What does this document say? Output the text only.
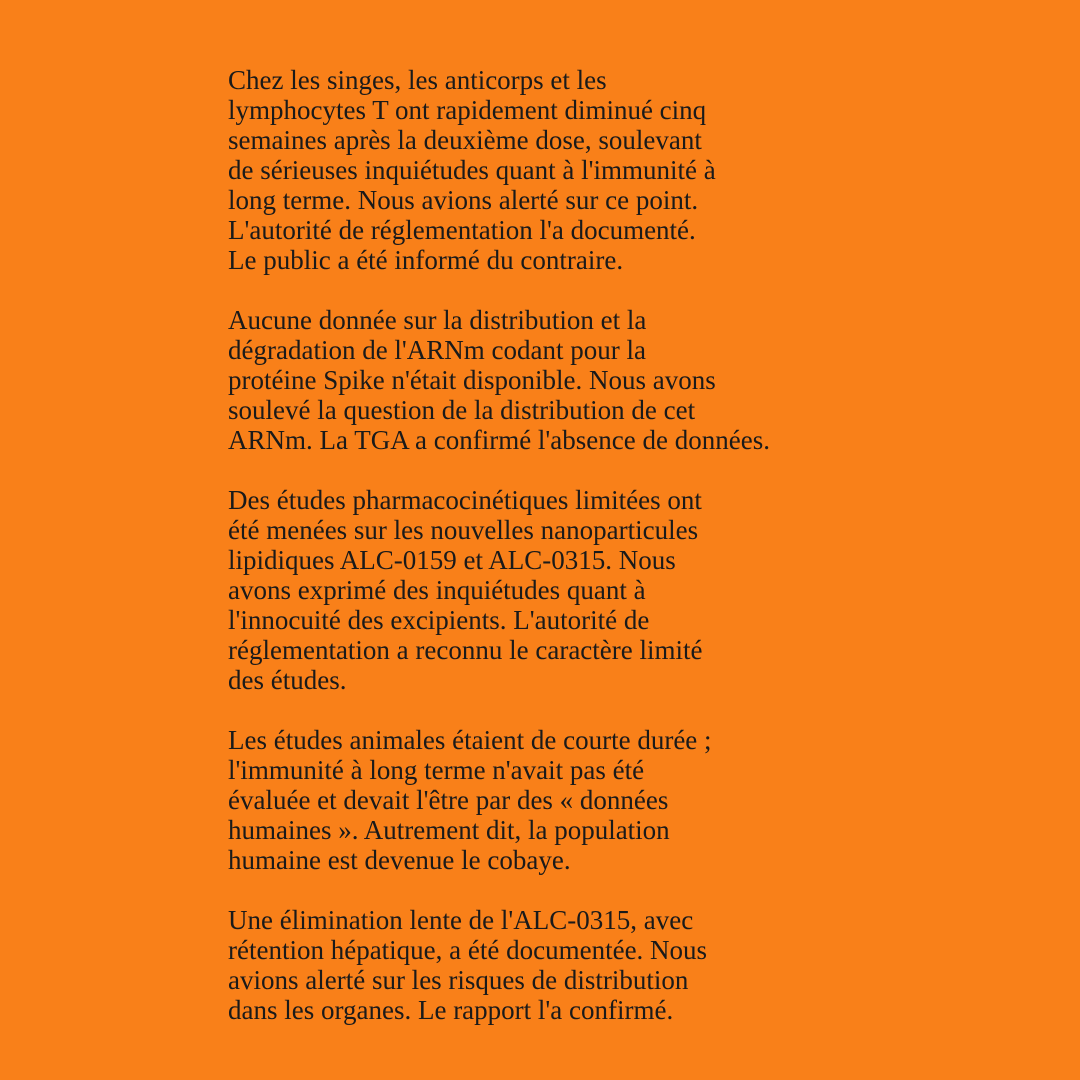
Chez les singes, les anticorps et les
lymphocytes T ont rapidement diminué cinq
semaines après la deuxième dose, soulevant
de sérieuses inquiétudes quant à l'immunité à
long terme. Nous avions alerté sur ce point.
L'autorité de réglementation l'a documenté.
Le public a été informé du contraire.

Aucune donnée sur la distribution et la
dégradation de l'ARNm codant pour la
protéine Spike n'était disponible. Nous avons
soulevé la question de la distribution de cet
ARNm. La TGA a confirmé l'absence de données.

Des études pharmacocinétiques limitées ont
été menées sur les nouvelles nanoparticules
lipidiques ALC-0159 et ALC-0315. Nous
avons exprimé des inquiétudes quant à
l'innocuité des excipients. L'autorité de
réglementation a reconnu le caractère limité
des études.

Les études animales étaient de courte durée ;
l'immunité à long terme n'avait pas été
évaluée et devait l'être par des « données
humaines ». Autrement dit, la population
humaine est devenue le cobaye.

Une élimination lente de l'ALC-0315, avec
rétention hépatique, a été documentée. Nous
avions alerté sur les risques de distribution
dans les organes. Le rapport l'a confirmé.
